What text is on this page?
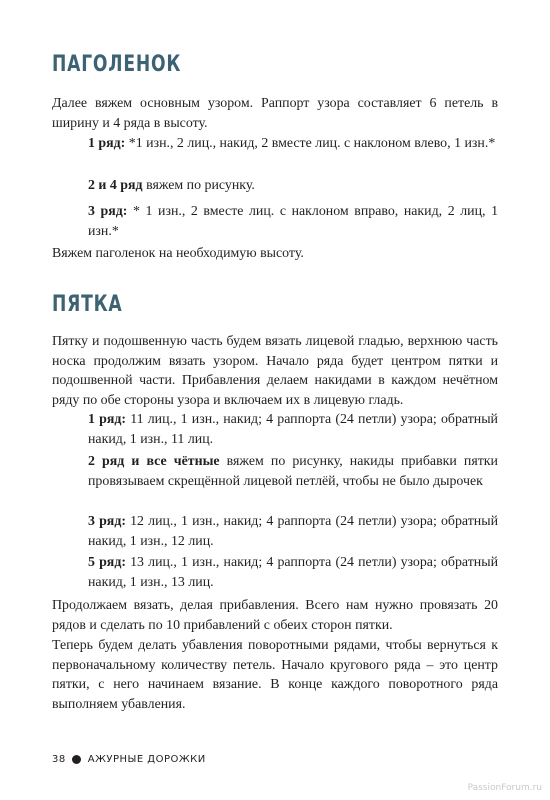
ПАГОЛЕНОК

Далее вяжем основным узором. Раппорт узора составляет 6 петель в ширину и 4 ряда в высоту.

1 ряд: *1 изн., 2 лиц., накид, 2 вместе лиц. с наклоном влево, 1 изн.*

2 и 4 ряд вяжем по рисунку.

3 ряд: * 1 изн., 2 вместе лиц. с наклоном вправо, накид, 2 лиц, 1 изн.*

Вяжем паголенок на необходимую высоту.

ПЯТКА

Пятку и подошвенную часть будем вязать лицевой гладью, верхнюю часть носка продолжим вязать узором. Начало ряда будет центром пятки и подошвенной части. Прибавления делаем накидами в каждом нечётном ряду по обе стороны узора и включаем их в лицевую гладь.

1 ряд: 11 лиц., 1 изн., накид; 4 раппорта (24 петли) узора; обратный накид, 1 изн., 11 лиц.

2 ряд и все чётные вяжем по рисунку, накиды прибавки пятки провязываем скрещённой лицевой петлёй, чтобы не было дырочек

3 ряд: 12 лиц., 1 изн., накид; 4 раппорта (24 петли) узора; обратный накид, 1 изн., 12 лиц.

5 ряд: 13 лиц., 1 изн., накид; 4 раппорта (24 петли) узора; обратный накид, 1 изн., 13 лиц.

Продолжаем вязать, делая прибавления. Всего нам нужно провязать 20 рядов и сделать по 10 прибавлений с обеих сторон пятки.

Теперь будем делать убавления поворотными рядами, чтобы вернуться к первоначальному количеству петель. Начало кругового ряда – это центр пятки, с него начинаем вязание. В конце каждого поворотного ряда выполняем убавления.

38 АЖУРНЫЕ ДОРОЖКИ
PassionForum.ru
